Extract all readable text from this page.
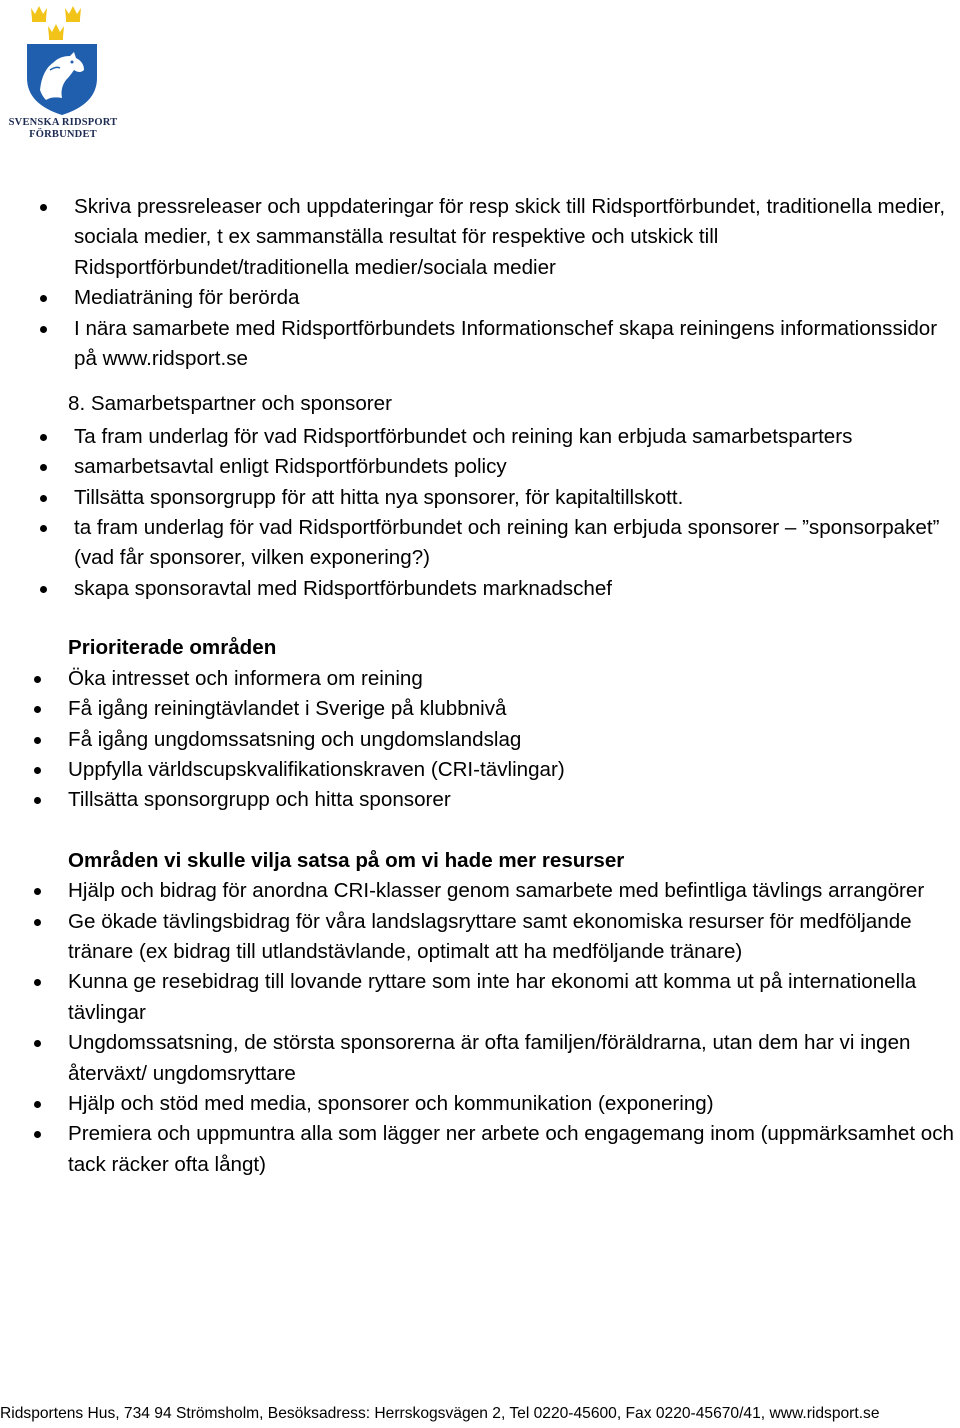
SVENSKA RIDSPORT
FÖRBUNDET
Skriva pressreleaser och uppdateringar för resp skick till Ridsportförbundet, traditionella medier, sociala medier, t ex sammanställa resultat för respektive och utskick till Ridsportförbundet/traditionella medier/sociala medier
Mediaträning för berörda
I nära samarbete med Ridsportförbundets Informationschef skapa reiningens informationssidor på www.ridsport.se
8. Samarbetspartner och sponsorer
Ta fram underlag för vad Ridsportförbundet och reining kan erbjuda samarbetsparters
samarbetsavtal enligt Ridsportförbundets policy
Tillsätta sponsorgrupp för att hitta nya sponsorer, för kapitaltillskott.
ta fram underlag för vad Ridsportförbundet och reining kan erbjuda sponsorer – ”sponsorpaket” (vad får sponsorer, vilken exponering?)
skapa sponsoravtal med Ridsportförbundets marknadschef
Prioriterade områden
Öka intresset och informera om reining
Få igång reiningtävlandet i Sverige på klubbnivå
Få igång ungdomssatsning och ungdomslandslag
Uppfylla världscupskvalifikationskraven (CRI-tävlingar)
Tillsätta sponsorgrupp och hitta sponsorer
Områden vi skulle vilja satsa på om vi hade mer resurser
Hjälp och bidrag för anordna CRI-klasser genom samarbete med befintliga tävlings arrangörer
Ge ökade tävlingsbidrag för våra landslagsryttare samt ekonomiska resurser för medföljande tränare (ex bidrag till utlandstävlande, optimalt att ha medföljande tränare)
Kunna ge resebidrag till lovande ryttare som inte har ekonomi att komma ut på internationella tävlingar
Ungdomssatsning, de största sponsorerna är ofta familjen/föräldrarna, utan dem har vi ingen återväxt/ ungdomsryttare
Hjälp och stöd med media, sponsorer och kommunikation (exponering)
Premiera och uppmuntra alla som lägger ner arbete och engagemang inom (uppmärksamhet och tack räcker ofta långt)
Ridsportens Hus, 734 94 Strömsholm, Besöksadress: Herrskogsvägen 2, Tel 0220-45600, Fax 0220-45670/41, www.ridsport.se
